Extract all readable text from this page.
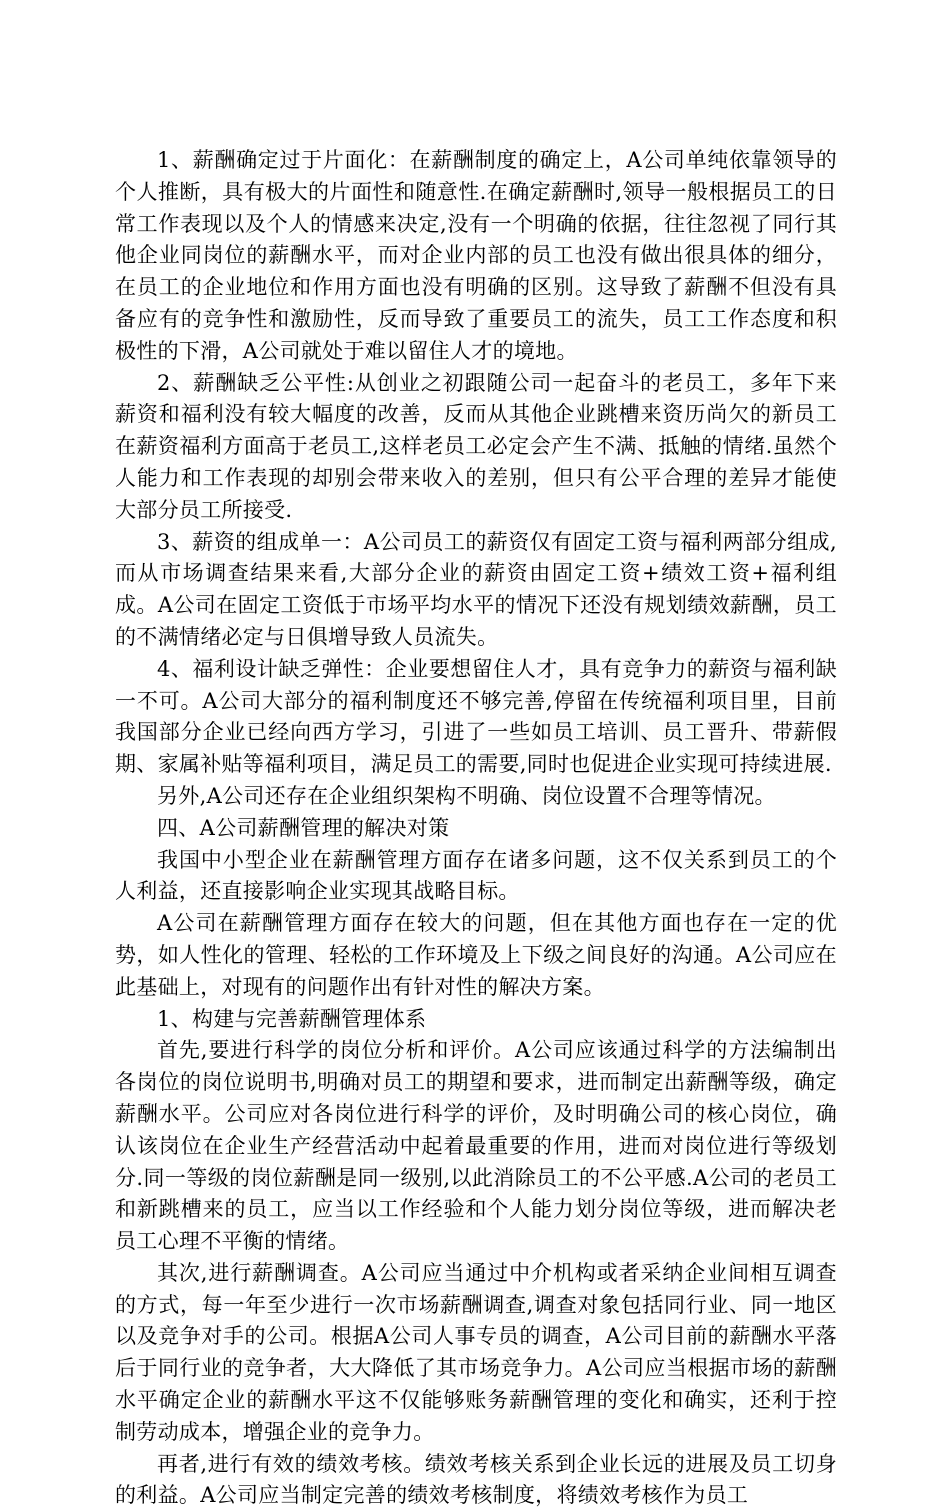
1、薪酬确定过于片面化：在薪酬制度的确定上，A公司单纯依靠领导的个人推断，具有极大的片面性和随意性.在确定薪酬时,领导一般根据员工的日常工作表现以及个人的情感来决定,没有一个明确的依据，往往忽视了同行其他企业同岗位的薪酬水平，而对企业内部的员工也没有做出很具体的细分，在员工的企业地位和作用方面也没有明确的区别。这导致了薪酬不但没有具备应有的竞争性和激励性，反而导致了重要员工的流失，员工工作态度和积极性的下滑，A公司就处于难以留住人才的境地。

2、薪酬缺乏公平性:从创业之初跟随公司一起奋斗的老员工，多年下来薪资和福利没有较大幅度的改善，反而从其他企业跳槽来资历尚欠的新员工在薪资福利方面高于老员工,这样老员工必定会产生不满、抵触的情绪.虽然个人能力和工作表现的却别会带来收入的差别，但只有公平合理的差异才能使大部分员工所接受.

3、薪资的组成单一：A公司员工的薪资仅有固定工资与福利两部分组成,而从市场调查结果来看,大部分企业的薪资由固定工资+绩效工资+福利组成。A公司在固定工资低于市场平均水平的情况下还没有规划绩效薪酬，员工的不满情绪必定与日俱增导致人员流失。

4、福利设计缺乏弹性：企业要想留住人才，具有竞争力的薪资与福利缺一不可。A公司大部分的福利制度还不够完善,停留在传统福利项目里，目前我国部分企业已经向西方学习，引进了一些如员工培训、员工晋升、带薪假期、家属补贴等福利项目，满足员工的需要,同时也促进企业实现可持续进展.

另外,A公司还存在企业组织架构不明确、岗位设置不合理等情况。

四、A公司薪酬管理的解决对策

我国中小型企业在薪酬管理方面存在诸多问题，这不仅关系到员工的个人利益，还直接影响企业实现其战略目标。

A公司在薪酬管理方面存在较大的问题，但在其他方面也存在一定的优势，如人性化的管理、轻松的工作环境及上下级之间良好的沟通。A公司应在此基础上，对现有的问题作出有针对性的解决方案。

1、构建与完善薪酬管理体系

首先,要进行科学的岗位分析和评价。A公司应该通过科学的方法编制出各岗位的岗位说明书,明确对员工的期望和要求，进而制定出薪酬等级，确定薪酬水平。公司应对各岗位进行科学的评价，及时明确公司的核心岗位，确认该岗位在企业生产经营活动中起着最重要的作用，进而对岗位进行等级划分.同一等级的岗位薪酬是同一级别,以此消除员工的不公平感.A公司的老员工和新跳槽来的员工，应当以工作经验和个人能力划分岗位等级，进而解决老员工心理不平衡的情绪。

其次,进行薪酬调查。A公司应当通过中介机构或者采纳企业间相互调查的方式，每一年至少进行一次市场薪酬调查,调查对象包括同行业、同一地区以及竞争对手的公司。根据A公司人事专员的调查，A公司目前的薪酬水平落后于同行业的竞争者，大大降低了其市场竞争力。A公司应当根据市场的薪酬水平确定企业的薪酬水平这不仅能够账务薪酬管理的变化和确实，还利于控制劳动成本，增强企业的竞争力。

再者,进行有效的绩效考核。绩效考核关系到企业长远的进展及员工切身的利益。A公司应当制定完善的绩效考核制度，将绩效考核作为员工
